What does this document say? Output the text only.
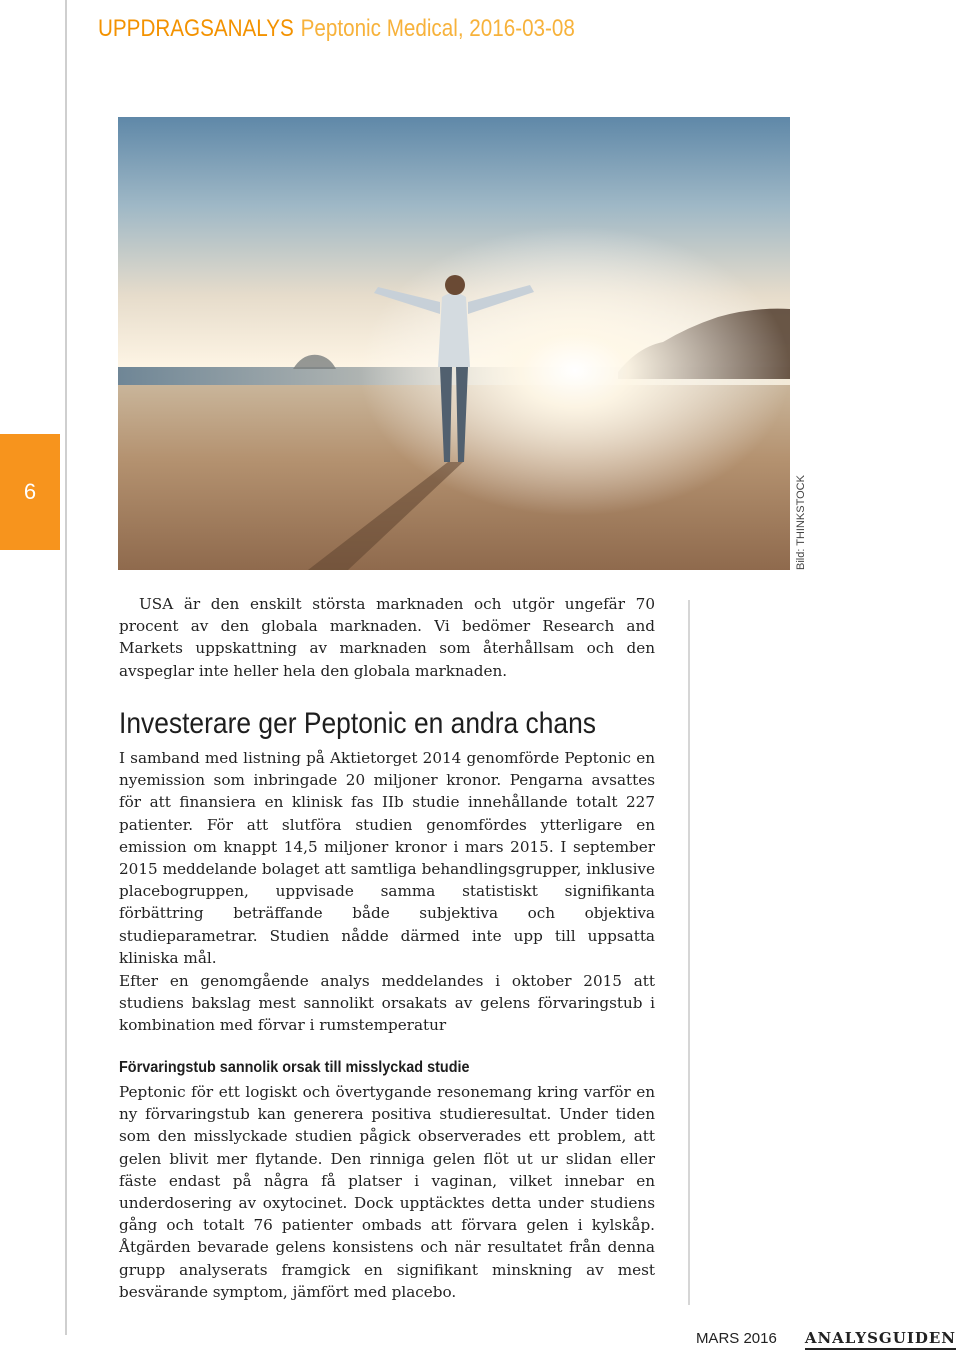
UPPDRAGSANALYS Peptonic Medical, 2016-03-08
6	Bild: THINKSTOCK

USA är den enskilt största marknaden och utgör ungefär 70 procent av den globala marknaden. Vi bedömer Research and Markets uppskattning av marknaden som återhållsam och den avspeglar inte heller hela den globala marknaden.

Investerare ger Peptonic en andra chans

I samband med listning på Aktietorget 2014 genomförde Peptonic en nyemission som inbringade 20 miljoner kronor. Pengarna avsattes för att finansiera en klinisk fas IIb studie innehållande totalt 227 patienter. För att slutföra studien genomfördes ytterligare en emission om knappt 14,5 miljoner kronor i mars 2015. I september 2015 meddelande bolaget att samtliga behandlingsgrupper, inklusive placebogruppen, uppvisade samma statistiskt signifikanta förbättring beträffande både subjektiva och objektiva studieparametrar. Studien nådde därmed inte upp till uppsatta kliniska mål.

Efter en genomgående analys meddelandes i oktober 2015 att studiens bakslag mest sannolikt orsakats av gelens förvaringstub i kombination med förvar i rumstemperatur

Förvaringstub sannolik orsak till misslyckad studie

Peptonic för ett logiskt och övertygande resonemang kring varför en ny förvaringstub kan generera positiva studieresultat. Under tiden som den misslyckade studien pågick observerades ett problem, att gelen blivit mer flytande. Den rinniga gelen flöt ut ur slidan eller fäste endast på några få platser i vaginan, vilket innebar en underdosering av oxytocinet. Dock upptäcktes detta under studiens gång och totalt 76 patienter ombads att förvara gelen i kylskåp. Åtgärden bevarade gelens konsistens och när resultatet från denna grupp analyserats framgick en signifikant minskning av mest besvärande symptom, jämfört med placebo.

MARS 2016 ANALYSGUIDEN
